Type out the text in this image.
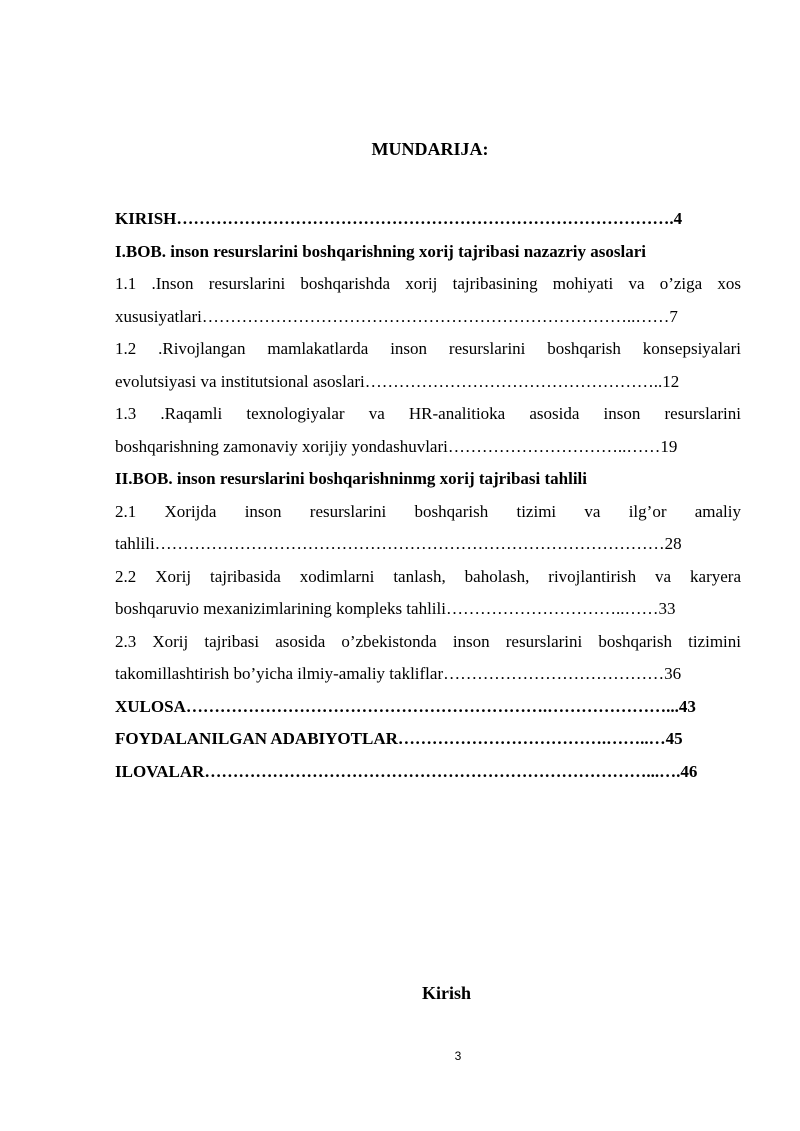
MUNDARIJA:
KIRISH…………………………………………………………………………….4
I.BOB. inson resurslarini boshqarishning xorij tajribasi nazazriy asoslari
1.1 .Inson resurslarini boshqarishda xorij tajribasining mohiyati va o’ziga xos
xususiyatlari…………………………………………………………………..……7
1.2 .Rivojlangan mamlakatlarda inson resurslarini boshqarish konsepsiyalari
evolutsiyasi va institutsional asoslari……………………………………………..12
1.3 .Raqamli texnologiyalar va HR-analitioka asosida inson resurslarini
boshqarishning zamonaviy xorijiy yondashuvlari…………………………..……19
II.BOB. inson resurslarini boshqarishninmg xorij tajribasi tahlili
2.1 Xorijda inson resurslarini boshqarish tizimi va ilg’or amaliy
tahlili………………………………………………………………………………28
2.2 Xorij tajribasida xodimlarni tanlash, baholash, rivojlantirish va karyera
boshqaruvio mexanizimlarining kompleks tahlili…………………………..……33
2.3 Xorij tajribasi asosida o’zbekistonda inson resurslarini boshqarish tizimini
takomillashtirish bo’yicha ilmiy-amaliy takliflar…………………………………36
XULOSA……………………………………………………….…………………...43
FOYDALANILGAN ADABIYOTLAR……………………………….……..…45
ILOVALAR……………………………………………………………………...….46
Kirish
3
